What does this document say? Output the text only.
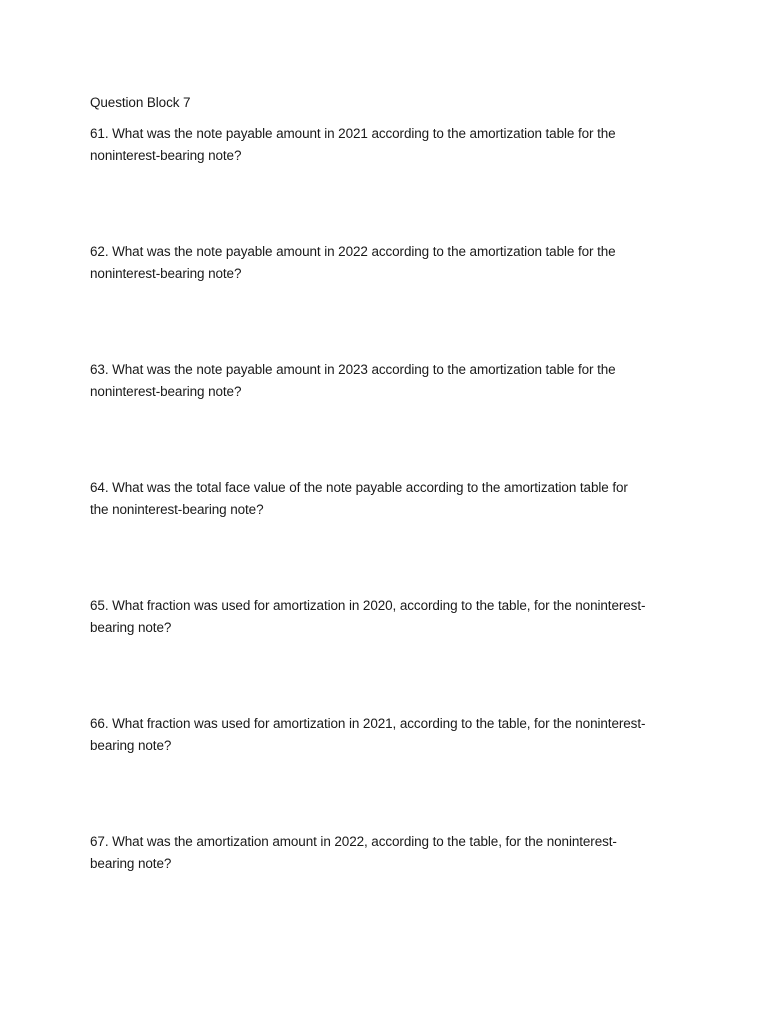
Question Block 7
61. What was the note payable amount in 2021 according to the amortization table for the
noninterest-bearing note?
62. What was the note payable amount in 2022 according to the amortization table for the
noninterest-bearing note?
63. What was the note payable amount in 2023 according to the amortization table for the
noninterest-bearing note?
64. What was the total face value of the note payable according to the amortization table for
the noninterest-bearing note?
65. What fraction was used for amortization in 2020, according to the table, for the noninterest-
bearing note?
66. What fraction was used for amortization in 2021, according to the table, for the noninterest-
bearing note?
67. What was the amortization amount in 2022, according to the table, for the noninterest-
bearing note?
